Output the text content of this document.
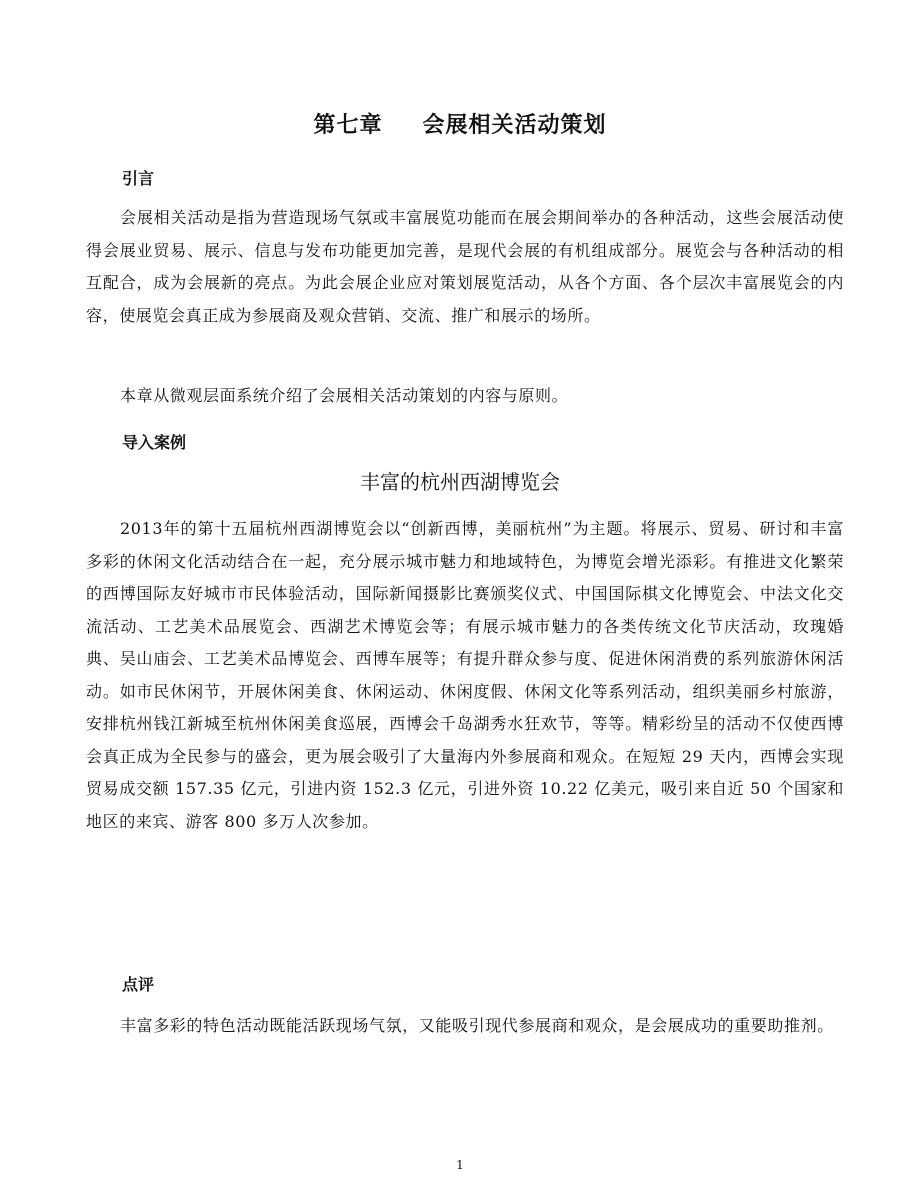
第七章 会展相关活动策划
引言

会展相关活动是指为营造现场气氛或丰富展览功能而在展会期间举办的各种活动，这些会展活动使得会展业贸易、展示、信息与发布功能更加完善，是现代会展的有机组成部分。展览会与各种活动的相互配合，成为会展新的亮点。为此会展企业应对策划展览活动，从各个方面、各个层次丰富展览会的内容，使展览会真正成为参展商及观众营销、交流、推广和展示的场所。

本章从微观层面系统介绍了会展相关活动策划的内容与原则。

导入案例
丰富的杭州西湖博览会

2013年的第十五届杭州西湖博览会以“创新西博，美丽杭州”为主题。将展示、贸易、研讨和丰富多彩的休闲文化活动结合在一起，充分展示城市魅力和地域特色，为博览会增光添彩。有推进文化繁荣的西博国际友好城市市民体验活动，国际新闻摄影比赛颁奖仪式、中国国际棋文化博览会、中法文化交流活动、工艺美术品展览会、西湖艺术博览会等；有展示城市魅力的各类传统文化节庆活动，玫瑰婚典、吴山庙会、工艺美术品博览会、西博车展等；有提升群众参与度、促进休闲消费的系列旅游休闲活动。如市民休闲节，开展休闲美食、休闲运动、休闲度假、休闲文化等系列活动，组织美丽乡村旅游，安排杭州钱江新城至杭州休闲美食巡展，西博会千岛湖秀水狂欢节，等等。精彩纷呈的活动不仅使西博会真正成为全民参与的盛会，更为展会吸引了大量海内外参展商和观众。在短短 29 天内，西博会实现贸易成交额 157.35 亿元，引进内资 152.3 亿元，引进外资 10.22 亿美元，吸引来自近 50 个国家和地区的来宾、游客 800 多万人次参加。

点评

丰富多彩的特色活动既能活跃现场气氛，又能吸引现代参展商和观众，是会展成功的重要助推剂。

1
